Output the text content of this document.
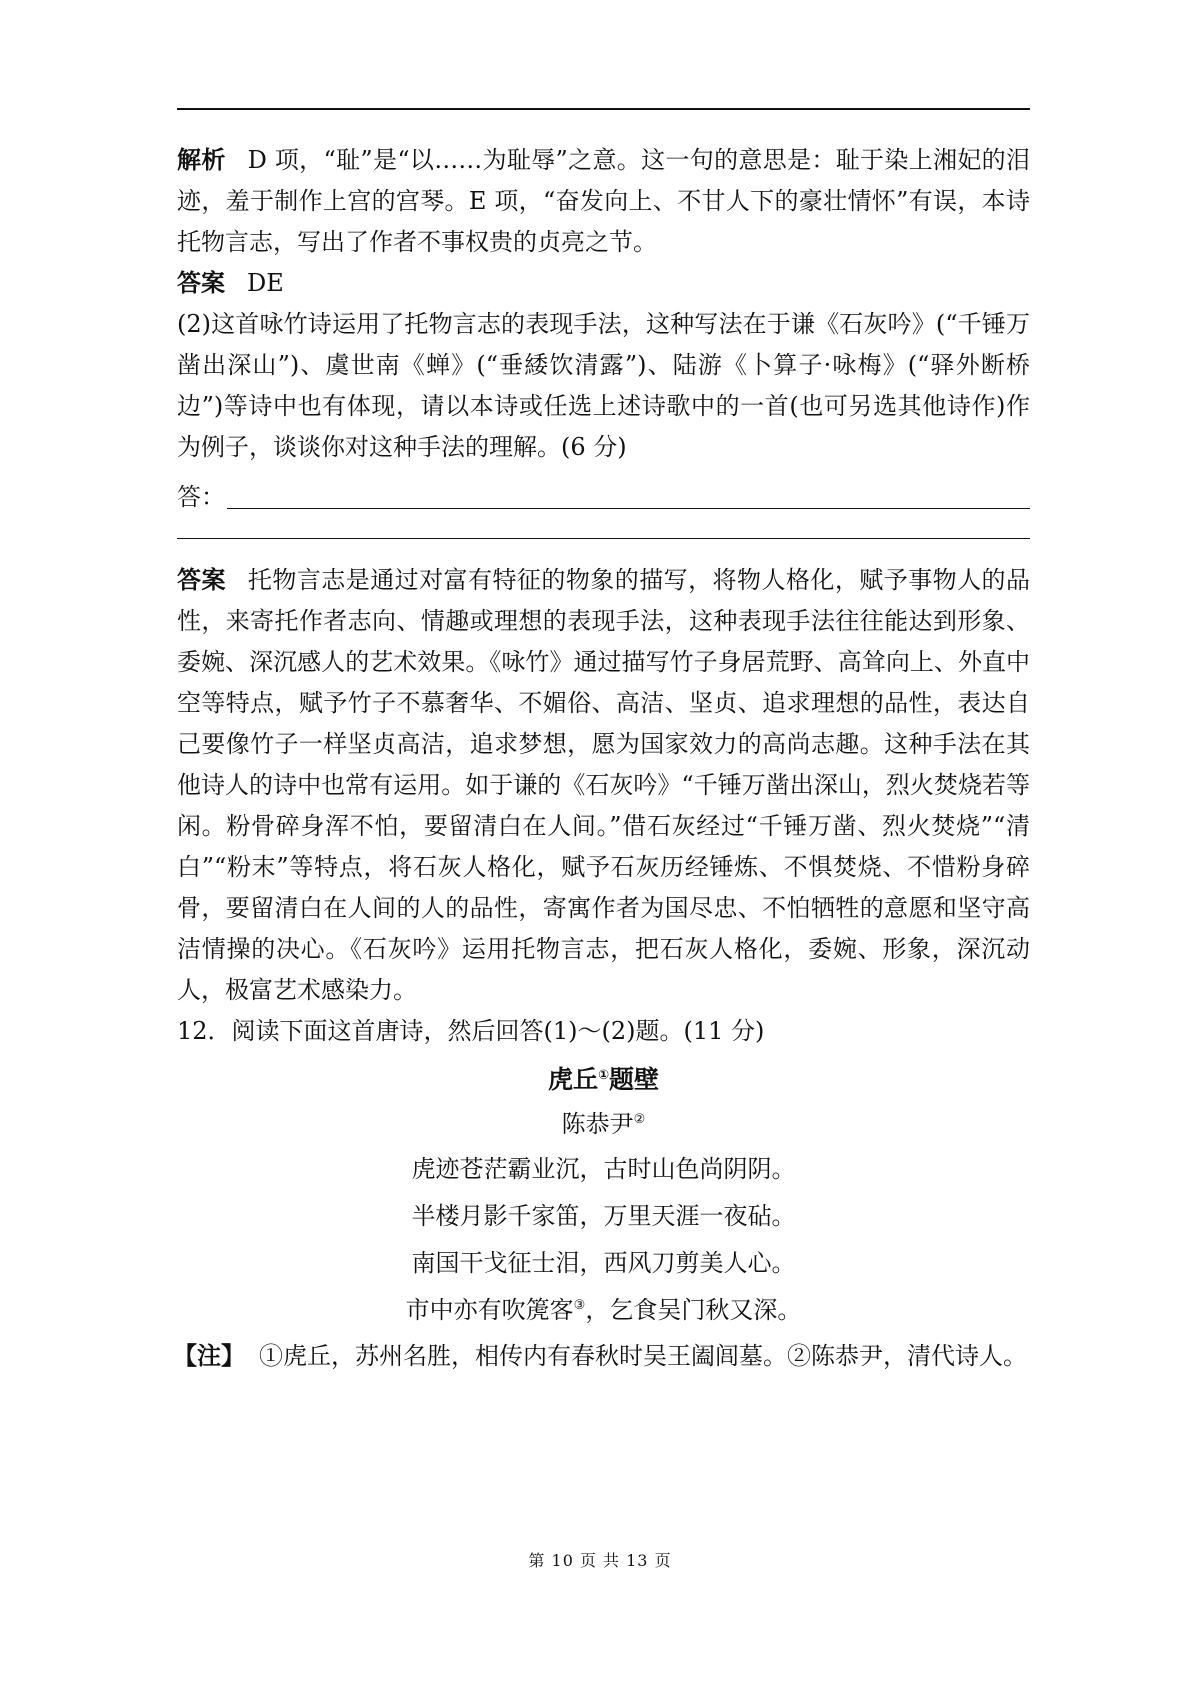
解析 D 项，“耻”是“以……为耻辱”之意。这一句的意思是：耻于染上湘妃的泪迹，羞于制作上宫的宫琴。E 项，“奋发向上、不甘人下的豪壮情怀”有误，本诗托物言志，写出了作者不事权贵的贞亮之节。

答案 DE

(2)这首咏竹诗运用了托物言志的表现手法，这种写法在于谦《石灰吟》(“千锤万凿出深山”)、虞世南《蝉》(“垂緌饮清露”)、陆游《卜算子·咏梅》(“驿外断桥边”)等诗中也有体现，请以本诗或任选上述诗歌中的一首(也可另选其他诗作)作为例子，谈谈你对这种手法的理解。(6 分)

答：

答案 托物言志是通过对富有特征的物象的描写，将物人格化，赋予事物人的品性，来寄托作者志向、情趣或理想的表现手法，这种表现手法往往能达到形象、委婉、深沉感人的艺术效果。《咏竹》通过描写竹子身居荒野、高耸向上、外直中空等特点，赋予竹子不慕奢华、不媚俗、高洁、坚贞、追求理想的品性，表达自己要像竹子一样坚贞高洁，追求梦想，愿为国家效力的高尚志趣。这种手法在其他诗人的诗中也常有运用。如于谦的《石灰吟》“千锤万凿出深山，烈火焚烧若等闲。粉骨碎身浑不怕，要留清白在人间。”借石灰经过“千锤万凿、烈火焚烧”“清白”“粉末”等特点，将石灰人格化，赋予石灰历经锤炼、不惧焚烧、不惜粉身碎骨，要留清白在人间的人的品性，寄寓作者为国尽忠、不怕牺牲的意愿和坚守高洁情操的决心。《石灰吟》运用托物言志，把石灰人格化，委婉、形象，深沉动人，极富艺术感染力。

12．阅读下面这首唐诗，然后回答(1)～(2)题。(11 分)

虎丘①题壁
陈恭尹②
虎迹苍茫霸业沉，古时山色尚阴阴。
半楼月影千家笛，万里天涯一夜砧。
南国干戈征士泪，西风刀剪美人心。
市中亦有吹箎客③，乞食吴门秋又深。

【注】 ①虎丘，苏州名胜，相传内有春秋时吴王阖闾墓。②陈恭尹，清代诗人。

第 10 页 共 13 页
